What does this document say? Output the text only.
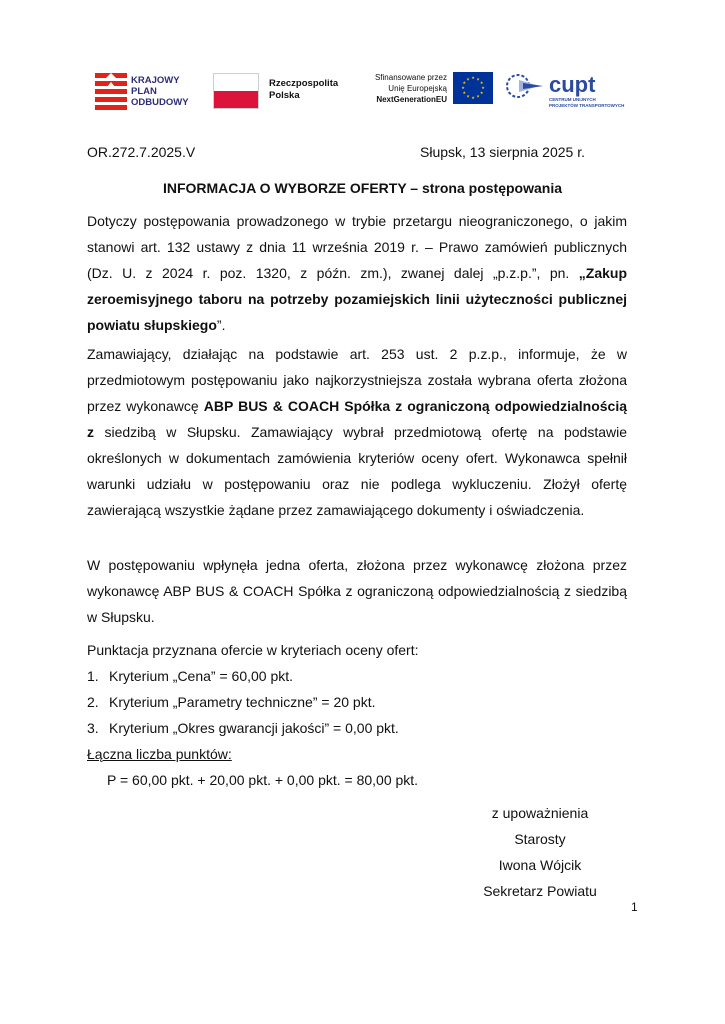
KRAJOWY
PLAN
ODBUDOWY
Rzeczpospolita
Polska
Sfinansowane przez
Unię Europejską
NextGenerationEU
★ ★
★
★
★
★
★
★
★
★
★
★	cupt
CENTRUM UNIJNYCH
PROJEKTÓW TRANSPORTOWYCH
OR.272.7.2025.V	Słupsk, 13 sierpnia 2025 r.
INFORMACJA O WYBORZE OFERTY – strona postępowania

Dotyczy postępowania prowadzonego w trybie przetargu nieograniczonego, o jakim stanowi art. 132 ustawy z dnia 11 września 2019 r. – Prawo zamówień publicznych (Dz. U. z 2024 r. poz. 1320, z późn. zm.), zwanej dalej „p.z.p.”, pn. „Zakup zeroemisyjnego taboru na potrzeby pozamiejskich linii użyteczności publicznej powiatu słupskiego”.

Zamawiający, działając na podstawie art. 253 ust. 2 p.z.p., informuje, że w przedmiotowym postępowaniu jako najkorzystniejsza została wybrana oferta złożona przez wykonawcę ABP BUS & COACH Spółka z ograniczoną odpowiedzialnością z siedzibą w Słupsku. Zamawiający wybrał przedmiotową ofertę na podstawie określonych w dokumentach zamówienia kryteriów oceny ofert. Wykonawca spełnił warunki udziału w postępowaniu oraz nie podlega wykluczeniu. Złożył ofertę zawierającą wszystkie żądane przez zamawiającego dokumenty i oświadczenia.

W postępowaniu wpłynęła jedna oferta, złożona przez wykonawcę złożona przez wykonawcę ABP BUS & COACH Spółka z ograniczoną odpowiedzialnością z siedzibą w Słupsku.

Punktacja przyznana ofercie w kryteriach oceny ofert:
1. Kryterium „Cena” = 60,00 pkt.
2. Kryterium „Parametry techniczne” = 20 pkt.
3. Kryterium „Okres gwarancji jakości” = 0,00 pkt.
Łączna liczba punktów:
P = 60,00 pkt. + 20,00 pkt. + 0,00 pkt. = 80,00 pkt.
z upoważnienia Starosty
Iwona Wójcik
Sekretarz Powiatu
1
